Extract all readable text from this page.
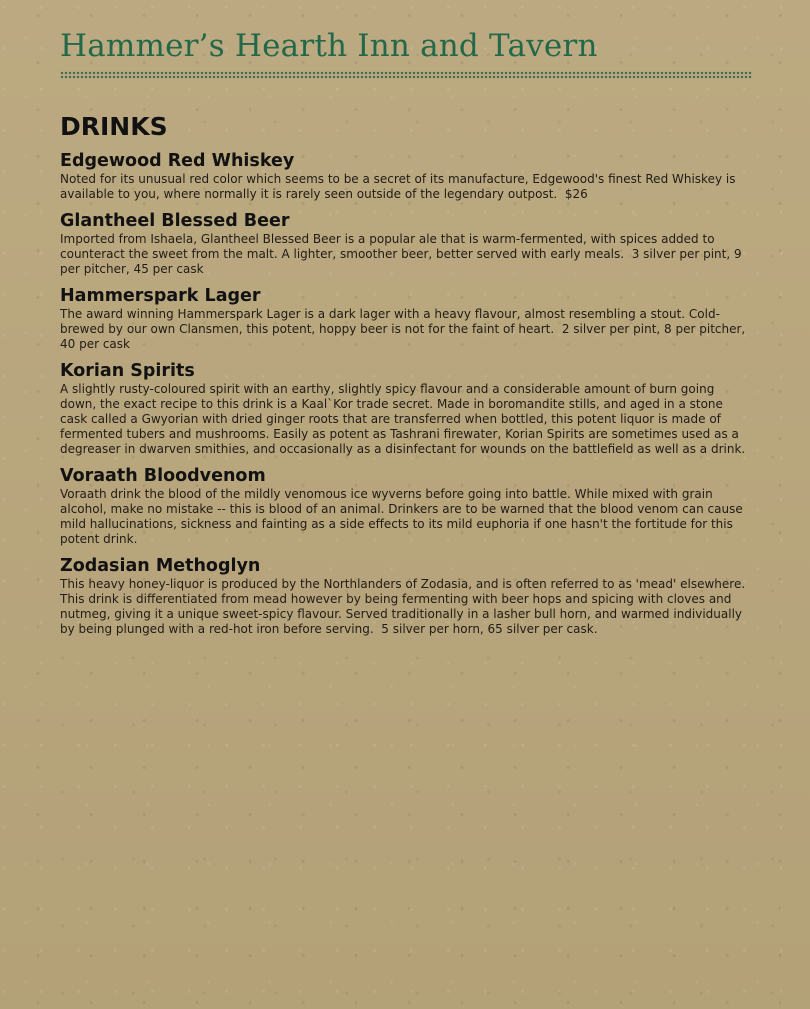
Hammer’s Hearth Inn and Tavern
DRINKS
Edgewood Red Whiskey

Noted for its unusual red color which seems to be a secret of its manufacture, Edgewood's finest Red Whiskey is available to you, where normally it is rarely seen outside of the legendary outpost. $26

Glantheel Blessed Beer

Imported from Ishaela, Glantheel Blessed Beer is a popular ale that is warm-fermented, with spices added to counteract the sweet from the malt. A lighter, smoother beer, better served with early meals. 3 silver per pint, 9 per pitcher, 45 per cask

Hammerspark Lager

The award winning Hammerspark Lager is a dark lager with a heavy flavour, almost resembling a stout. Cold-brewed by our own Clansmen, this potent, hoppy beer is not for the faint of heart. 2 silver per pint, 8 per pitcher, 40 per cask

Korian Spirits

A slightly rusty-coloured spirit with an earthy, slightly spicy flavour and a considerable amount of burn going down, the exact recipe to this drink is a Kaal`Kor trade secret. Made in boromandite stills, and aged in a stone cask called a Gwyorian with dried ginger roots that are transferred when bottled, this potent liquor is made of fermented tubers and mushrooms. Easily as potent as Tashrani firewater, Korian Spirits are sometimes used as a degreaser in dwarven smithies, and occasionally as a disinfectant for wounds on the battlefield as well as a drink.

Voraath Bloodvenom

Voraath drink the blood of the mildly venomous ice wyverns before going into battle. While mixed with grain alcohol, make no mistake -- this is blood of an animal. Drinkers are to be warned that the blood venom can cause mild hallucinations, sickness and fainting as a side effects to its mild euphoria if one hasn't the fortitude for this potent drink.

Zodasian Methoglyn

This heavy honey-liquor is produced by the Northlanders of Zodasia, and is often referred to as 'mead' elsewhere. This drink is differentiated from mead however by being fermenting with beer hops and spicing with cloves and nutmeg, giving it a unique sweet-spicy flavour. Served traditionally in a lasher bull horn, and warmed individually by being plunged with a red-hot iron before serving. 5 silver per horn, 65 silver per cask.
